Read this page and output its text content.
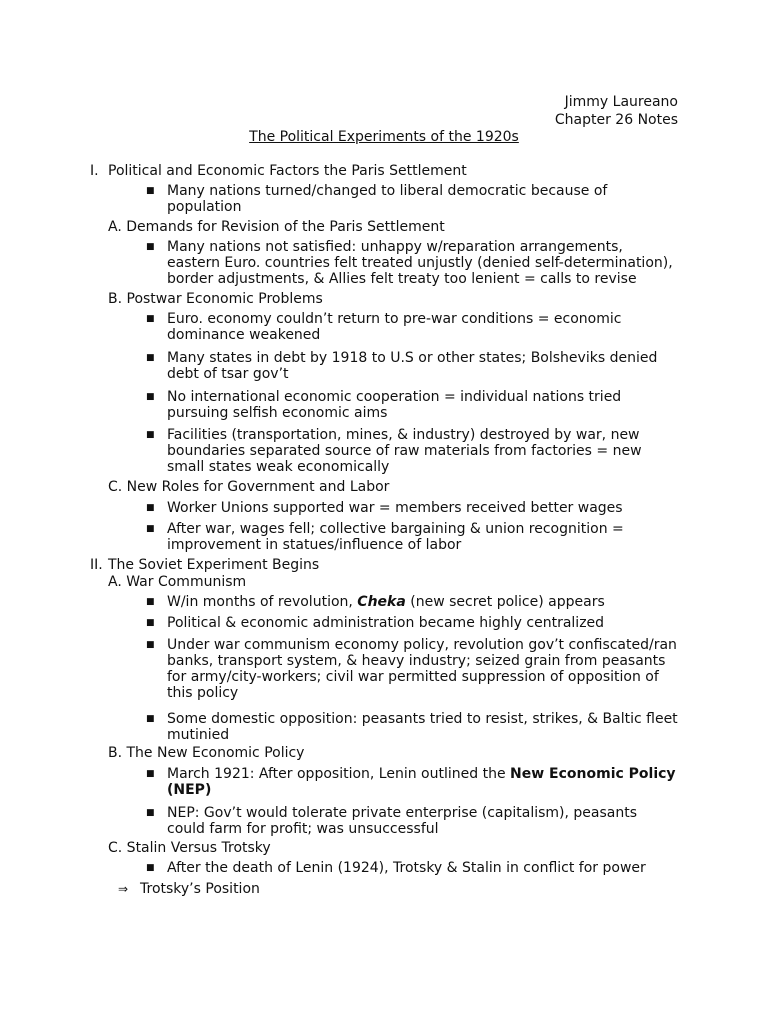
Jimmy Laureano
Chapter 26 Notes
The Political Experiments of the 1920s
I. Political and Economic Factors the Paris Settlement
■ Many nations turned/changed to liberal democratic because of population
A. Demands for Revision of the Paris Settlement
■ Many nations not satisfied: unhappy w/reparation arrangements, eastern Euro. countries felt treated unjustly (denied self-determination), border adjustments, & Allies felt treaty too lenient = calls to revise
B. Postwar Economic Problems
■ Euro. economy couldn’t return to pre-war conditions = economic dominance weakened
■ Many states in debt by 1918 to U.S or other states; Bolsheviks denied debt of tsar gov’t
■ No international economic cooperation = individual nations tried pursuing selfish economic aims
■ Facilities (transportation, mines, & industry) destroyed by war, new boundaries separated source of raw materials from factories = new small states weak economically
C. New Roles for Government and Labor
■ Worker Unions supported war = members received better wages
■ After war, wages fell; collective bargaining & union recognition = improvement in statues/influence of labor
II. The Soviet Experiment Begins
A. War Communism
■ W/in months of revolution, Cheka (new secret police) appears
■ Political & economic administration became highly centralized
■ Under war communism economy policy, revolution gov’t confiscated/ran banks, transport system, & heavy industry; seized grain from peasants for army/city-workers; civil war permitted suppression of opposition of this policy
■ Some domestic opposition: peasants tried to resist, strikes, & Baltic fleet mutinied
B. The New Economic Policy
■ March 1921: After opposition, Lenin outlined the New Economic Policy (NEP)
■ NEP: Gov’t would tolerate private enterprise (capitalism), peasants could farm for profit; was unsuccessful
C. Stalin Versus Trotsky
■ After the death of Lenin (1924), Trotsky & Stalin in conflict for power
⇒ Trotsky’s Position
